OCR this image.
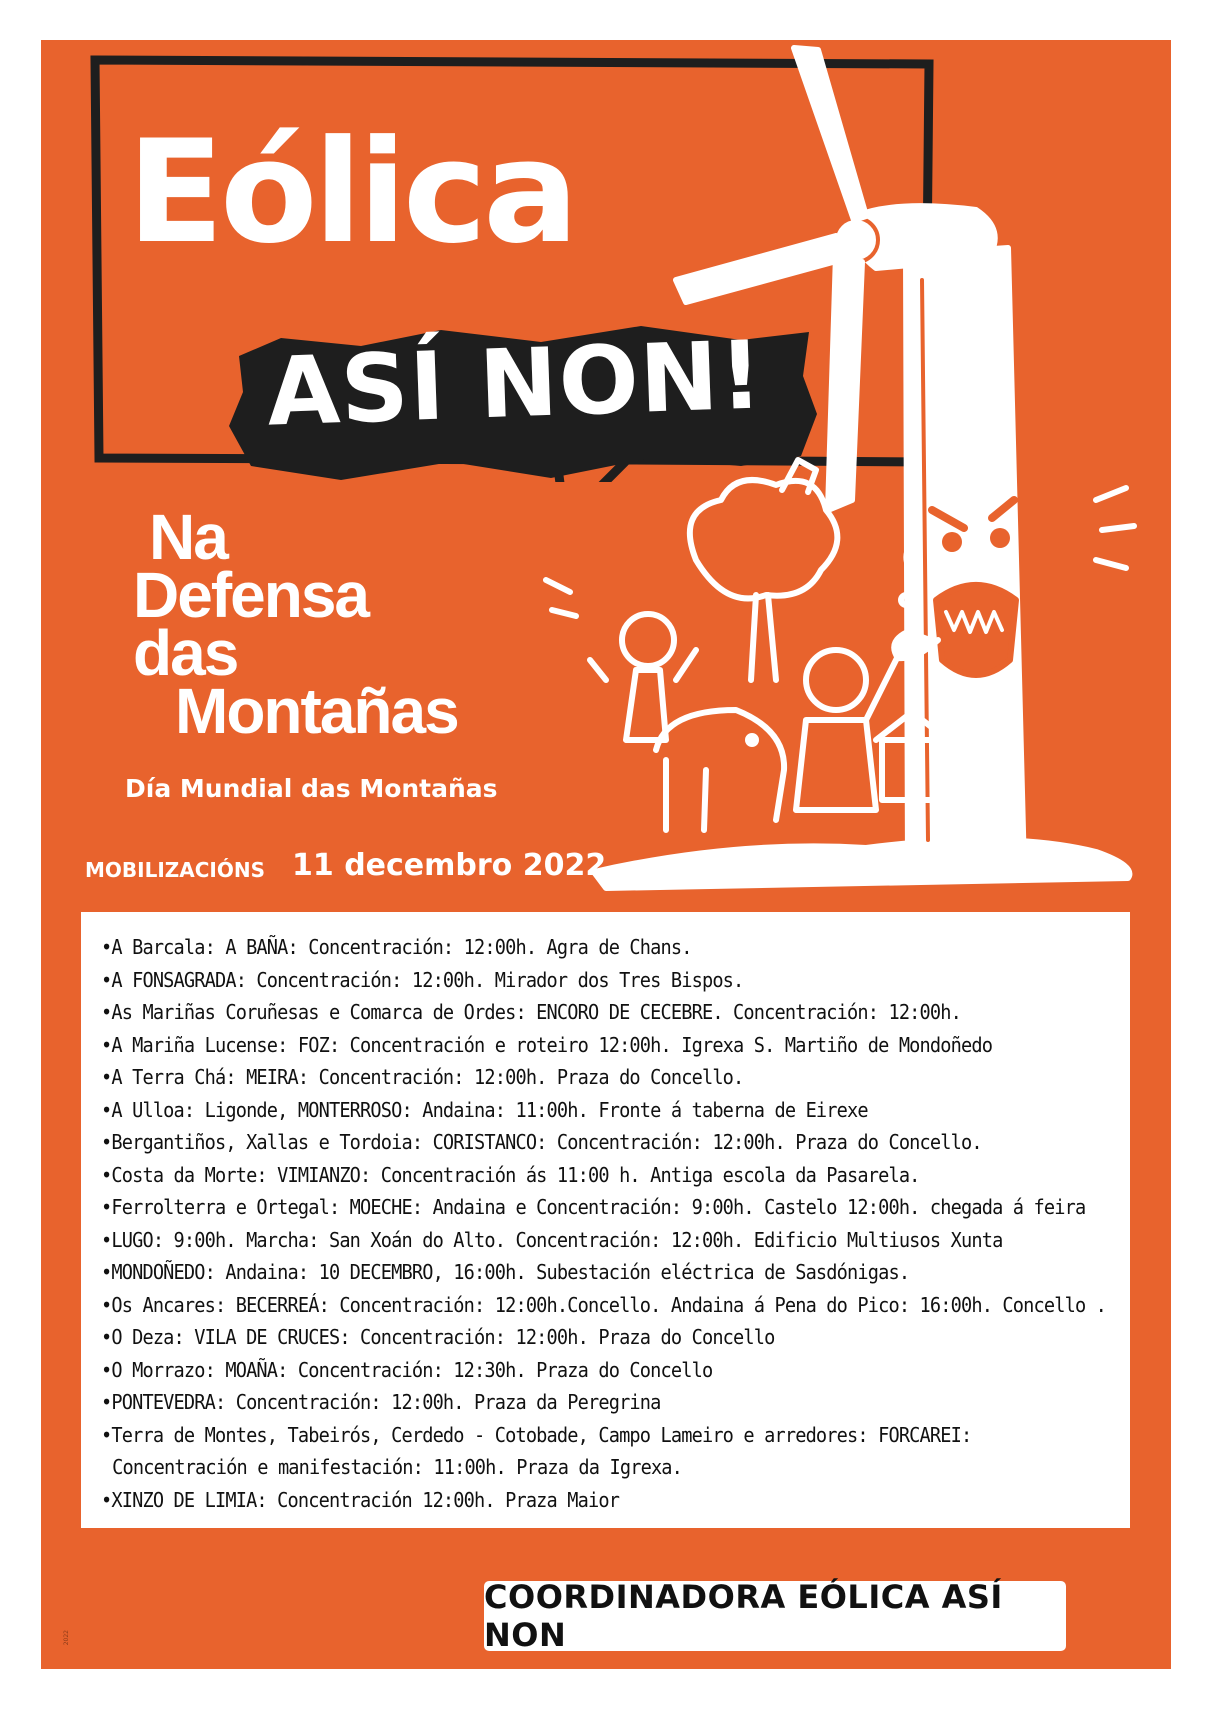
Eólica
ASÍ NON!
Na
Defensa
das
Montañas
Día Mundial das Montañas
MOBILIZACIÓNS 11 decembro 2022
•A Barcala: A BAÑA: Concentración: 12:00h. Agra de Chans.
•A FONSAGRADA: Concentración: 12:00h. Mirador dos Tres Bispos.
•As Mariñas Coruñesas e Comarca de Ordes: ENCORO DE CECEBRE. Concentración: 12:00h.
•A Mariña Lucense: FOZ: Concentración e roteiro 12:00h. Igrexa S. Martiño de Mondoñedo
•A Terra Chá: MEIRA: Concentración: 12:00h. Praza do Concello.
•A Ulloa: Ligonde, MONTERROSO: Andaina: 11:00h. Fronte á taberna de Eirexe
•Bergantiños, Xallas e Tordoia: CORISTANCO: Concentración: 12:00h. Praza do Concello.
•Costa da Morte: VIMIANZO: Concentración ás 11:00 h. Antiga escola da Pasarela.
•Ferrolterra e Ortegal: MOECHE: Andaina e Concentración: 9:00h. Castelo 12:00h. chegada á feira
•LUGO: 9:00h. Marcha: San Xoán do Alto. Concentración: 12:00h. Edificio Multiusos Xunta
•MONDOÑEDO: Andaina: 10 DECEMBRO, 16:00h. Subestación eléctrica de Sasdónigas.
•Os Ancares: BECERREÁ: Concentración: 12:00h.Concello. Andaina á Pena do Pico: 16:00h. Concello .
•O Deza: VILA DE CRUCES: Concentración: 12:00h. Praza do Concello
•O Morrazo: MOAÑA: Concentración: 12:30h. Praza do Concello
•PONTEVEDRA: Concentración: 12:00h. Praza da Peregrina
•Terra de Montes, Tabeirós, Cerdedo - Cotobade, Campo Lameiro e arredores: FORCAREI:
Concentración e manifestación: 11:00h. Praza da Igrexa.
•XINZO DE LIMIA: Concentración 12:00h. Praza Maior
COORDINADORA EÓLICA ASÍ NON
2022
